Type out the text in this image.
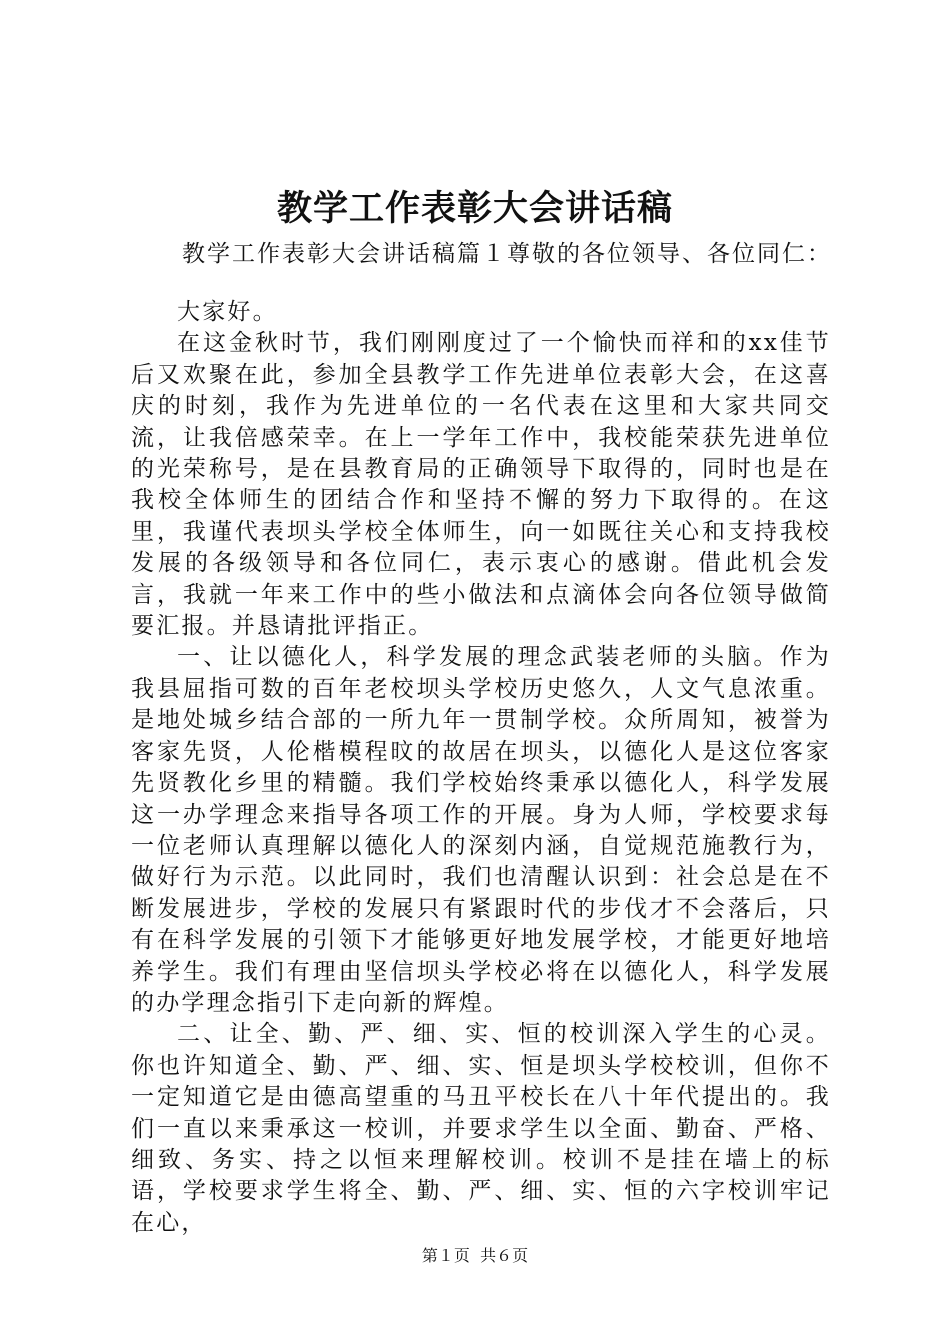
教学工作表彰大会讲话稿

教学工作表彰大会讲话稿篇１尊敬的各位领导、各位同仁：

大家好。

在这金秋时节，我们刚刚度过了一个愉快而祥和的xx佳节后又欢聚在此，参加全县教学工作先进单位表彰大会，在这喜庆的时刻，我作为先进单位的一名代表在这里和大家共同交流，让我倍感荣幸。在上一学年工作中，我校能荣获先进单位的光荣称号，是在县教育局的正确领导下取得的，同时也是在我校全体师生的团结合作和坚持不懈的努力下取得的。在这里，我谨代表坝头学校全体师生，向一如既往关心和支持我校发展的各级领导和各位同仁，表示衷心的感谢。借此机会发言，我就一年来工作中的些小做法和点滴体会向各位领导做简要汇报。并恳请批评指正。

一、让以德化人，科学发展的理念武装老师的头脑。作为我县屈指可数的百年老校坝头学校历史悠久，人文气息浓重。是地处城乡结合部的一所九年一贯制学校。众所周知，被誉为客家先贤，人伦楷模程旼的故居在坝头，以德化人是这位客家先贤教化乡里的精髓。我们学校始终秉承以德化人，科学发展这一办学理念来指导各项工作的开展。身为人师，学校要求每一位老师认真理解以德化人的深刻内涵，自觉规范施教行为，做好行为示范。以此同时，我们也清醒认识到：社会总是在不断发展进步，学校的发展只有紧跟时代的步伐才不会落后，只有在科学发展的引领下才能够更好地发展学校，才能更好地培养学生。我们有理由坚信坝头学校必将在以德化人，科学发展的办学理念指引下走向新的辉煌。

二、让全、勤、严、细、实、恒的校训深入学生的心灵。你也许知道全、勤、严、细、实、恒是坝头学校校训，但你不一定知道它是由德高望重的马丑平校长在八十年代提出的。我们一直以来秉承这一校训，并要求学生以全面、勤奋、严格、细致、务实、持之以恒来理解校训。校训不是挂在墙上的标语，学校要求学生将全、勤、严、细、实、恒的六字校训牢记在心，

第１页  共６页
